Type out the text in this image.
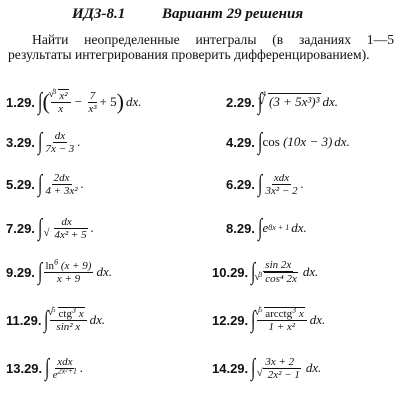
ИДЗ-8.1 Вариант 29 решения
Найти неопределенные интегралы (в заданиях 1—5 результаты интегрирования проверить дифференцированием).
1.29. ∫ ( 3
√ x²
$x - \frac{7}{\text{x³}} + 5$ ) dx .	2.29. ∫ 4
√ (3 + 5x³)³ dx .
3.29. ∫ $\frac{dx}{7x - 3}$ .	4.29. ∫ cos
(10x − 3) dx .
5.29. ∫ $\frac{2dx}{\text{4 + 3x²}}$ .	6.29. ∫ $\frac{\text{xdx}}{\text{3x² − 2}}$ .
7.29. ∫ dx
√ 4x² + 5 .	8.29. ∫ e 8x + 1 dx .
9.29. ∫ $\frac{\ln^6 (x + 9)}{x + 9}$ dx .	10.29. ∫ sin 2x
3
√ cos⁴ 2x dx .
11.29. ∫ 5
√ ctg$^3$ x
sin² x dx .	12.29. ∫ 5
√ arcctg$^3$ x
1 + x² dx .
13.29. ∫ $\frac{\text{xdx}}{e^{2x^2+1}}$ .	14.29. ∫ 3x + 2
√ 2x² − 1 dx .
